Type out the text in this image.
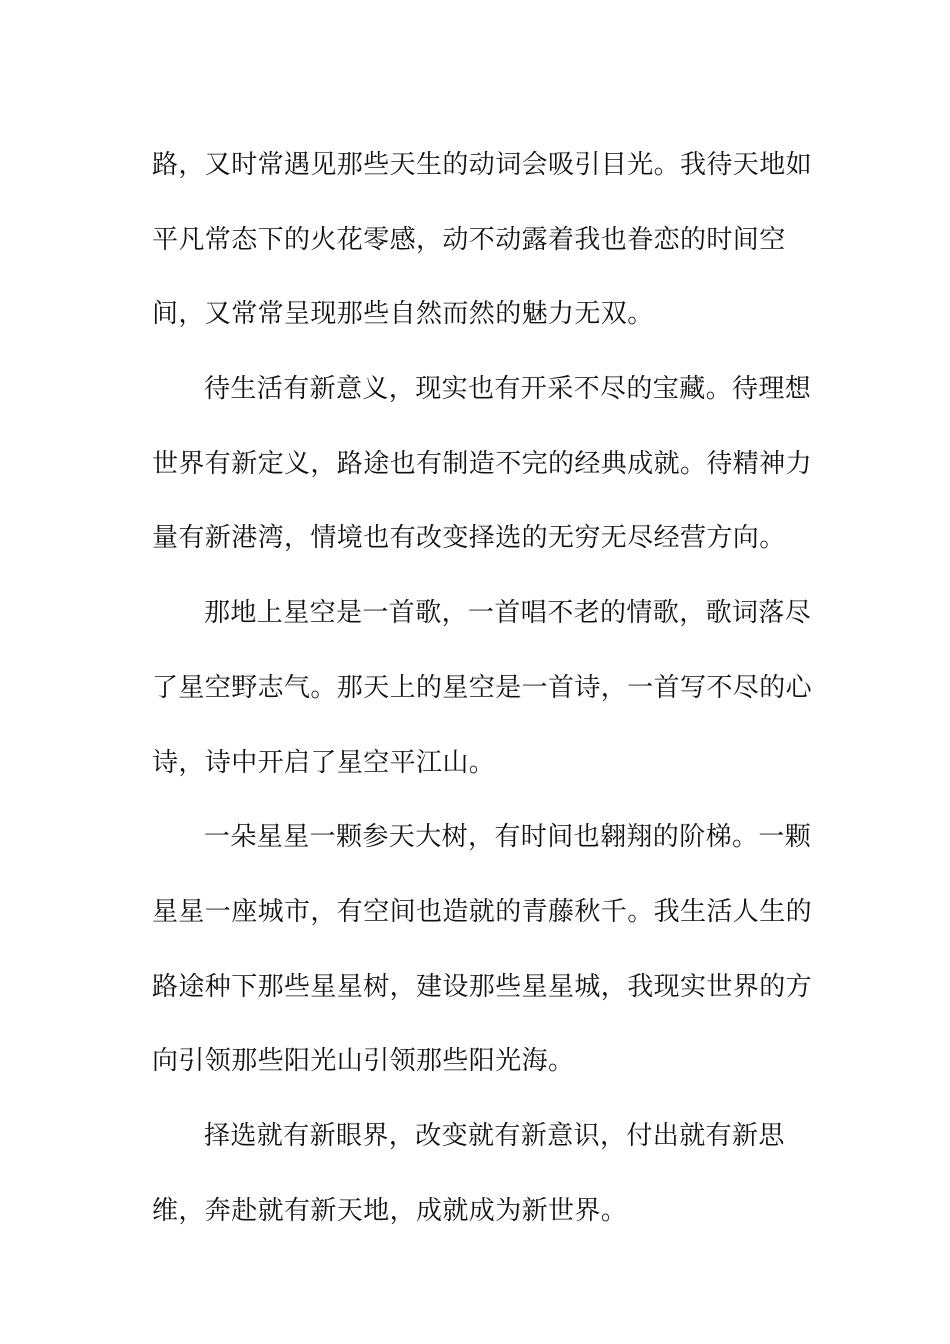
路，又时常遇见那些天生的动词会吸引目光。我待天地如
平凡常态下的火花零感，动不动露着我也眷恋的时间空
间，又常常呈现那些自然而然的魅力无双。
待生活有新意义，现实也有开采不尽的宝藏。待理想
世界有新定义，路途也有制造不完的经典成就。待精神力
量有新港湾，情境也有改变择选的无穷无尽经营方向。
那地上星空是一首歌，一首唱不老的情歌，歌词落尽
了星空野志气。那天上的星空是一首诗，一首写不尽的心
诗，诗中开启了星空平江山。
一朵星星一颗参天大树，有时间也翱翔的阶梯。一颗
星星一座城市，有空间也造就的青藤秋千。我生活人生的
路途种下那些星星树，建设那些星星城，我现实世界的方
向引领那些阳光山引领那些阳光海。
择选就有新眼界，改变就有新意识，付出就有新思
维，奔赴就有新天地，成就成为新世界。
